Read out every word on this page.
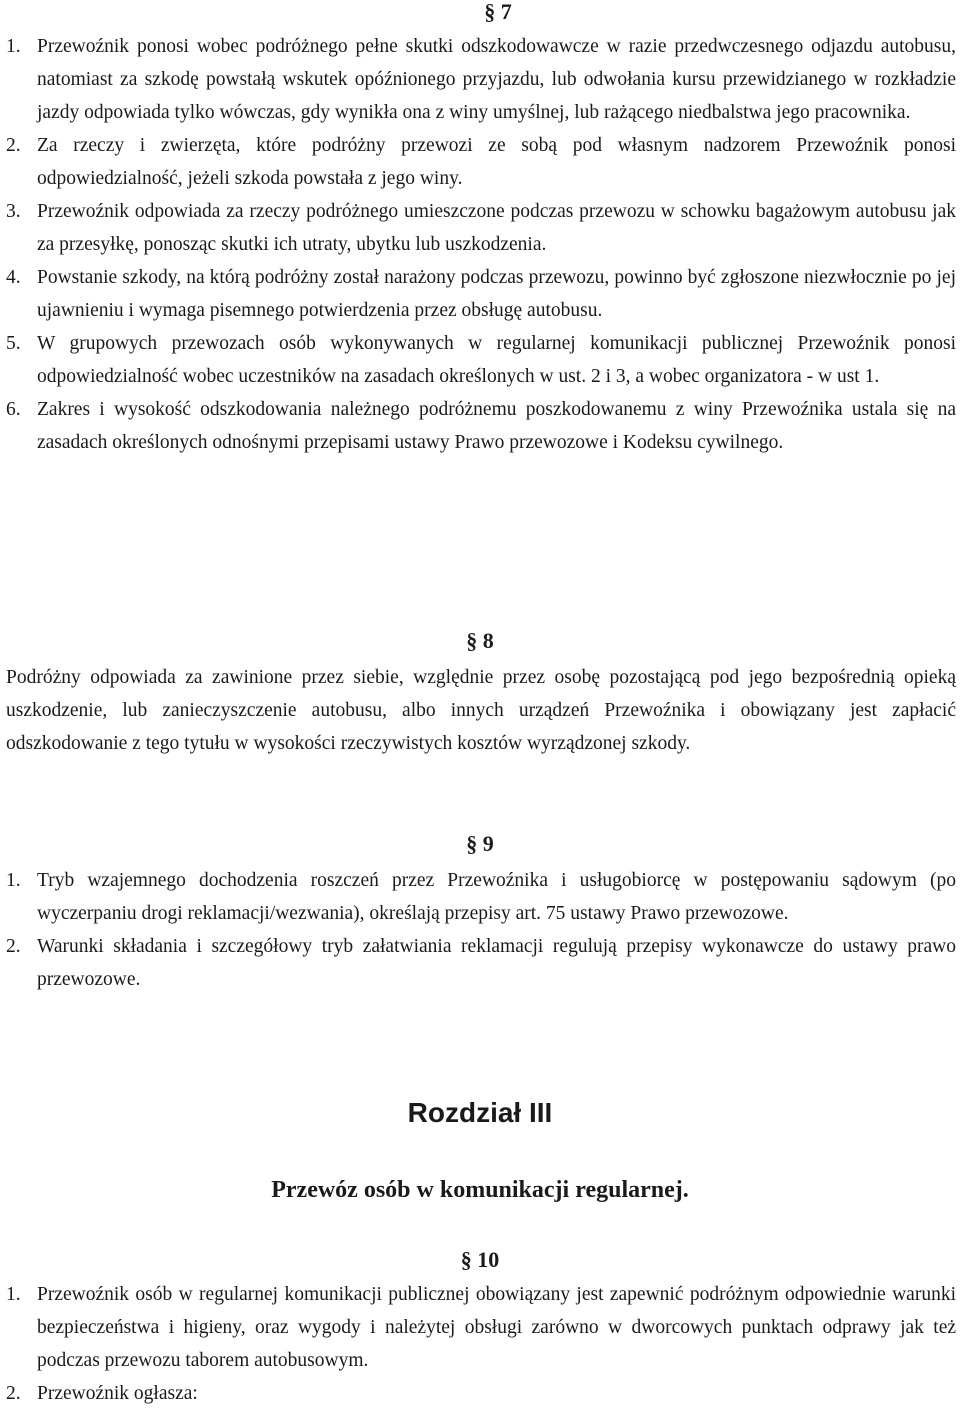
§ 7

1. Przewoźnik ponosi wobec podróżnego pełne skutki odszkodowawcze w razie przedwczesnego odjazdu autobusu, natomiast za szkodę powstałą wskutek opóźnionego przyjazdu, lub odwołania kursu przewidzianego w rozkładzie jazdy odpowiada tylko wówczas, gdy wynikła ona z winy umyślnej, lub rażącego niedbalstwa jego pracownika.

2. Za rzeczy i zwierzęta, które podróżny przewozi ze sobą pod własnym nadzorem Przewoźnik ponosi odpowiedzialność, jeżeli szkoda powstała z jego winy.

3. Przewoźnik odpowiada za rzeczy podróżnego umieszczone podczas przewozu w schowku bagażowym autobusu jak za przesyłkę, ponosząc skutki ich utraty, ubytku lub uszkodzenia.

4. Powstanie szkody, na którą podróżny został narażony podczas przewozu, powinno być zgłoszone niezwłocznie po jej ujawnieniu i wymaga pisemnego potwierdzenia przez obsługę autobusu.

5. W grupowych przewozach osób wykonywanych w regularnej komunikacji publicznej Przewoźnik ponosi odpowiedzialność wobec uczestników na zasadach określonych w ust. 2 i 3, a wobec organizatora - w ust 1.

6. Zakres i wysokość odszkodowania należnego podróżnemu poszkodowanemu z winy Przewoźnika ustala się na zasadach określonych odnośnymi przepisami ustawy Prawo przewozowe i Kodeksu cywilnego.

§ 8

Podróżny odpowiada za zawinione przez siebie, względnie przez osobę pozostającą pod jego bezpośrednią opieką uszkodzenie, lub zanieczyszczenie autobusu, albo innych urządzeń Przewoźnika i obowiązany jest zapłacić odszkodowanie z tego tytułu w wysokości rzeczywistych kosztów wyrządzonej szkody.

§ 9

1. Tryb wzajemnego dochodzenia roszczeń przez Przewoźnika i usługobiorcę w postępowaniu sądowym (po wyczerpaniu drogi reklamacji/wezwania), określają przepisy art. 75 ustawy Prawo przewozowe.

2. Warunki składania i szczegółowy tryb załatwiania reklamacji regulują przepisy wykonawcze do ustawy prawo przewozowe.

Rozdział III
Przewóz osób w komunikacji regularnej.
§ 10

1. Przewoźnik osób w regularnej komunikacji publicznej obowiązany jest zapewnić podróżnym odpowiednie warunki bezpieczeństwa i higieny, oraz wygody i należytej obsługi zarówno w dworcowych punktach odprawy jak też podczas przewozu taborem autobusowym.

2. Przewoźnik ogłasza:
